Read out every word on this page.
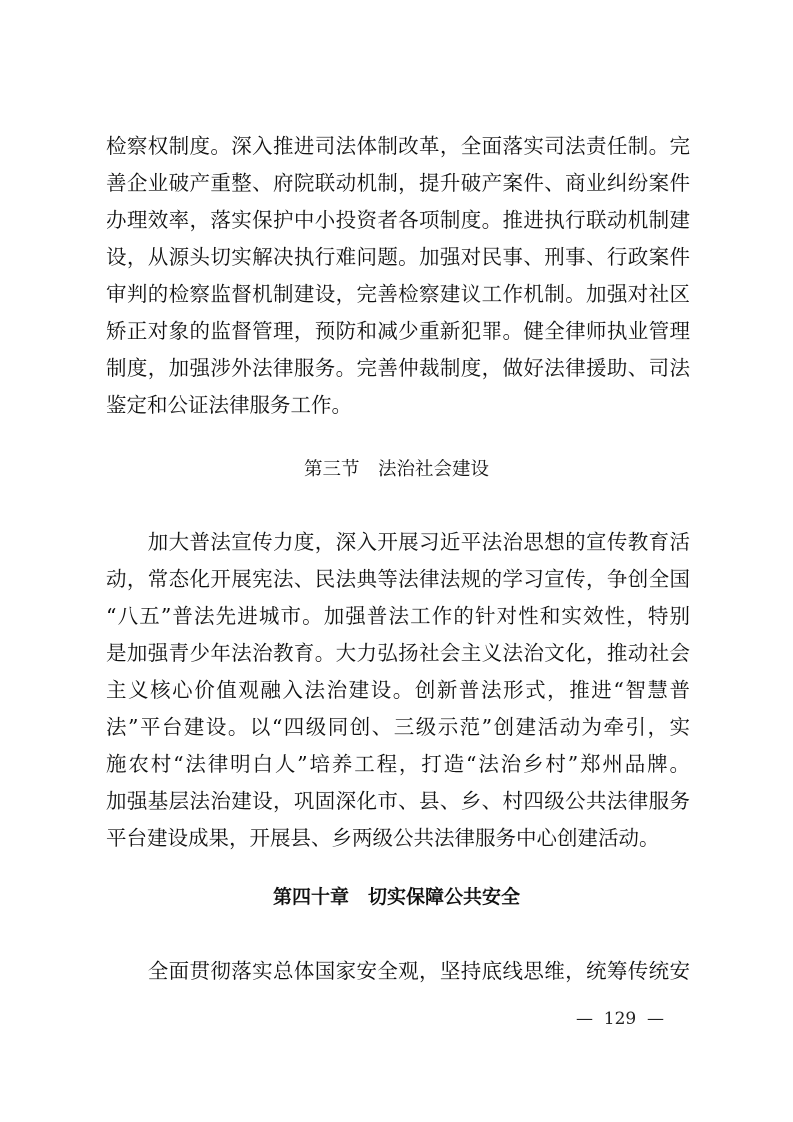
检察权制度。深入推进司法体制改革，全面落实司法责任制。完
善企业破产重整、府院联动机制，提升破产案件、商业纠纷案件
办理效率，落实保护中小投资者各项制度。推进执行联动机制建
设，从源头切实解决执行难问题。加强对民事、刑事、行政案件
审判的检察监督机制建设，完善检察建议工作机制。加强对社区
矫正对象的监督管理，预防和减少重新犯罪。健全律师执业管理
制度，加强涉外法律服务。完善仲裁制度，做好法律援助、司法
鉴定和公证法律服务工作。
第三节　法治社会建设
　　加大普法宣传力度，深入开展习近平法治思想的宣传教育活
动，常态化开展宪法、民法典等法律法规的学习宣传，争创全国
“八五”普法先进城市。加强普法工作的针对性和实效性，特别
是加强青少年法治教育。大力弘扬社会主义法治文化，推动社会
主义核心价值观融入法治建设。创新普法形式，推进“智慧普
法”平台建设。以“四级同创、三级示范”创建活动为牵引，实
施农村“法律明白人”培养工程，打造“法治乡村”郑州品牌。
加强基层法治建设，巩固深化市、县、乡、村四级公共法律服务
平台建设成果，开展县、乡两级公共法律服务中心创建活动。
第四十章　切实保障公共安全
　　全面贯彻落实总体国家安全观，坚持底线思维，统筹传统安
—  129  —
